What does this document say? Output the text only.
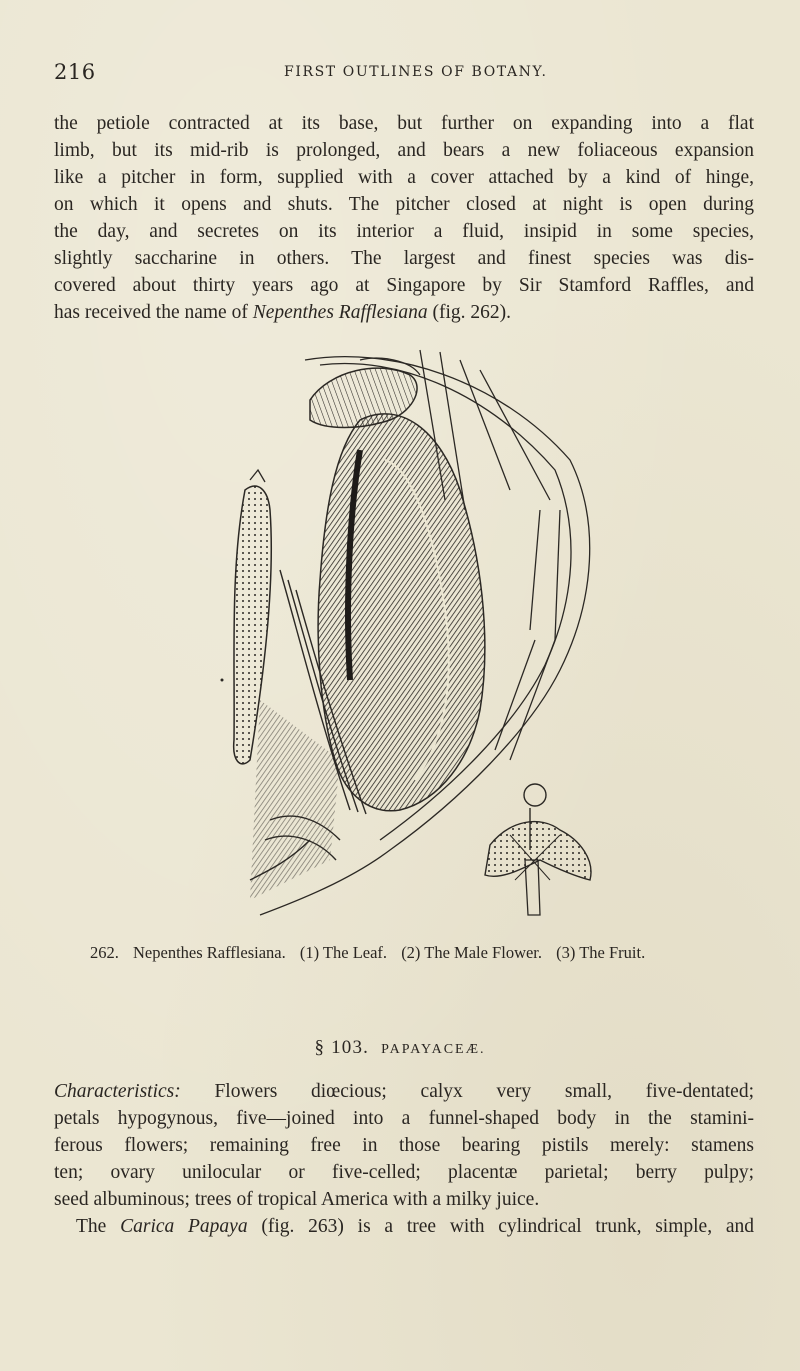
216	FIRST OUTLINES OF BOTANY.
the petiole contracted at its base, but further on expanding into a flat
limb, but its mid-rib is prolonged, and bears a new foliaceous expansion
like a pitcher in form, supplied with a cover attached by a kind of hinge,
on which it opens and shuts. The pitcher closed at night is open during
the day, and secretes on its interior a fluid, insipid in some species,
slightly saccharine in others. The largest and finest species was dis-
covered about thirty years ago at Singapore by Sir Stamford Raffles, and
has received the name of Nepenthes Rafflesiana (fig. 262).
262. Nepenthes Rafflesiana. (1) The Leaf. (2) The Male Flower. (3) The Fruit.
§ 103. PAPAYACEÆ.
Characteristics: Flowers diœcious; calyx very small, five-dentated;
petals hypogynous, five—joined into a funnel-shaped body in the stamini-
ferous flowers; remaining free in those bearing pistils merely: stamens
ten; ovary unilocular or five-celled; placentæ parietal; berry pulpy;
seed albuminous; trees of tropical America with a milky juice.
The Carica Papaya (fig. 263) is a tree with cylindrical trunk, simple, and
